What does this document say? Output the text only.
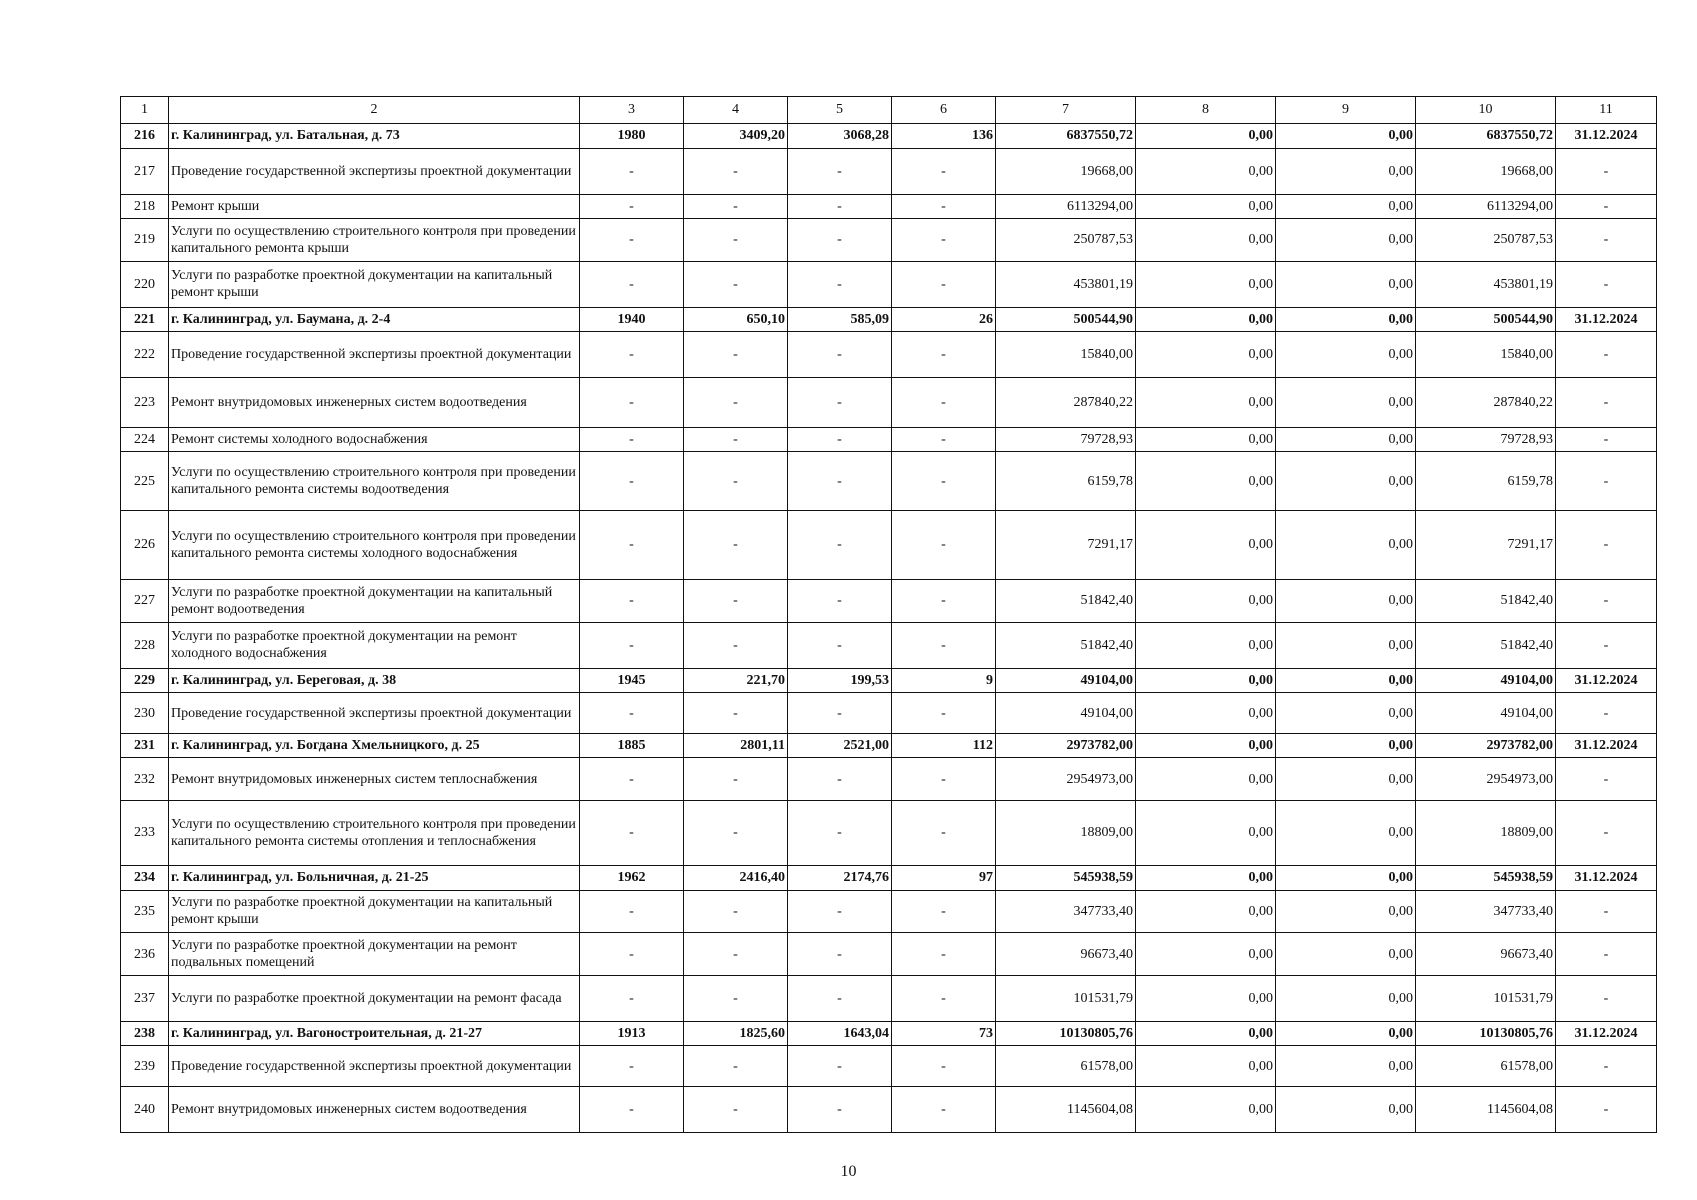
1	2	3	4	5	6	7	8	9	10	11
216	г. Калининград, ул. Батальная, д. 73	1980	3409,20	3068,28	136	6837550,72	0,00	0,00	6837550,72	31.12.2024
217	Проведение государственной экспертизы проектной документации	-	-	-	-	19668,00	0,00	0,00	19668,00	-
218	Ремонт крыши	-	-	-	-	6113294,00	0,00	0,00	6113294,00	-
219	Услуги по осуществлению строительного контроля при проведении капитального ремонта крыши	-	-	-	-	250787,53	0,00	0,00	250787,53	-
220	Услуги по разработке проектной документации на капитальный ремонт крыши	-	-	-	-	453801,19	0,00	0,00	453801,19	-
221	г. Калининград, ул. Баумана, д. 2-4	1940	650,10	585,09	26	500544,90	0,00	0,00	500544,90	31.12.2024
222	Проведение государственной экспертизы проектной документации	-	-	-	-	15840,00	0,00	0,00	15840,00	-
223	Ремонт внутридомовых инженерных систем водоотведения	-	-	-	-	287840,22	0,00	0,00	287840,22	-
224	Ремонт системы холодного водоснабжения	-	-	-	-	79728,93	0,00	0,00	79728,93	-
225	Услуги по осуществлению строительного контроля при проведении капитального ремонта системы водоотведения	-	-	-	-	6159,78	0,00	0,00	6159,78	-
226	Услуги по осуществлению строительного контроля при проведении капитального ремонта системы холодного водоснабжения	-	-	-	-	7291,17	0,00	0,00	7291,17	-
227	Услуги по разработке проектной документации на капитальный ремонт водоотведения	-	-	-	-	51842,40	0,00	0,00	51842,40	-
228	Услуги по разработке проектной документации на ремонт холодного водоснабжения	-	-	-	-	51842,40	0,00	0,00	51842,40	-
229	г. Калининград, ул. Береговая, д. 38	1945	221,70	199,53	9	49104,00	0,00	0,00	49104,00	31.12.2024
230	Проведение государственной экспертизы проектной документации	-	-	-	-	49104,00	0,00	0,00	49104,00	-
231	г. Калининград, ул. Богдана Хмельницкого, д. 25	1885	2801,11	2521,00	112	2973782,00	0,00	0,00	2973782,00	31.12.2024
232	Ремонт внутридомовых инженерных систем теплоснабжения	-	-	-	-	2954973,00	0,00	0,00	2954973,00	-
233	Услуги по осуществлению строительного контроля при проведении капитального ремонта системы отопления и теплоснабжения	-	-	-	-	18809,00	0,00	0,00	18809,00	-
234	г. Калининград, ул. Больничная, д. 21-25	1962	2416,40	2174,76	97	545938,59	0,00	0,00	545938,59	31.12.2024
235	Услуги по разработке проектной документации на капитальный ремонт крыши	-	-	-	-	347733,40	0,00	0,00	347733,40	-
236	Услуги по разработке проектной документации на ремонт подвальных помещений	-	-	-	-	96673,40	0,00	0,00	96673,40	-
237	Услуги по разработке проектной документации на ремонт фасада	-	-	-	-	101531,79	0,00	0,00	101531,79	-
238	г. Калининград, ул. Вагоностроительная, д. 21-27	1913	1825,60	1643,04	73	10130805,76	0,00	0,00	10130805,76	31.12.2024
239	Проведение государственной экспертизы проектной документации	-	-	-	-	61578,00	0,00	0,00	61578,00	-
240	Ремонт внутридомовых инженерных систем водоотведения	-	-	-	-	1145604,08	0,00	0,00	1145604,08	-
10
